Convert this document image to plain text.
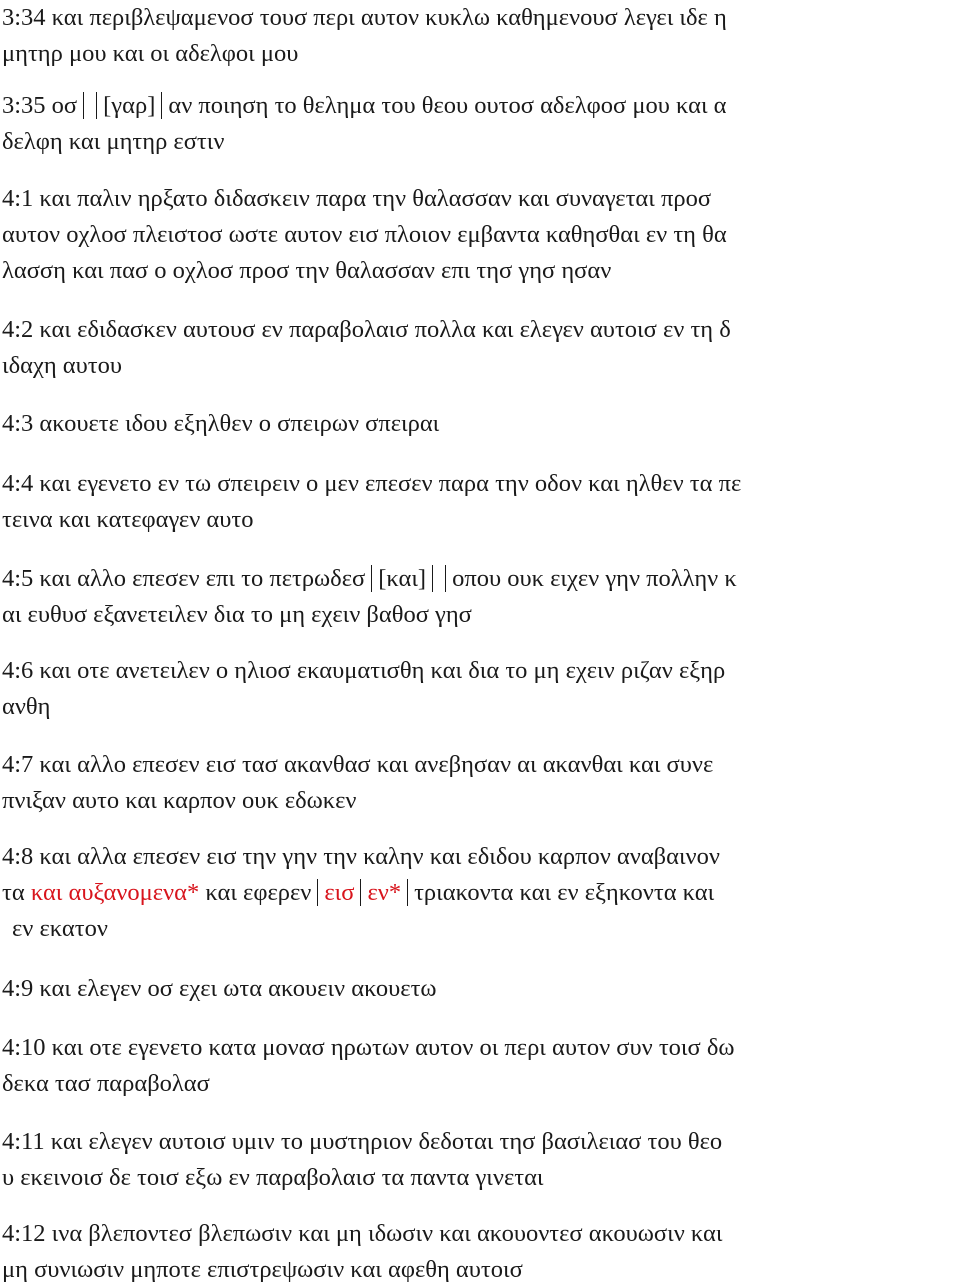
3:34 και περιβλεψαμενοσ τουσ περι αυτον κυκλω καθημενουσ λεγει ιδε η
μητηρ μου και οι αδελφοι μου
3:35 οσ [γαρ] αν ποιηση το θελημα του θεου ουτοσ αδελφοσ μου και α
δελφη και μητηρ εστιν
4:1 και παλιν ηρξατο διδασκειν παρα την θαλασσαν και συναγεται προσ
αυτον οχλοσ πλειστοσ ωστε αυτον εισ πλοιον εμβαντα καθησθαι εν τη θα
λασση και πασ ο οχλοσ προσ την θαλασσαν επι τησ γησ ησαν
4:2 και εδιδασκεν αυτουσ εν παραβολαισ πολλα και ελεγεν αυτοισ εν τη δ
ιδαχη αυτου
4:3 ακουετε ιδου εξηλθεν ο σπειρων σπειραι
4:4 και εγενετο εν τω σπειρειν ο μεν επεσεν παρα την οδον και ηλθεν τα πε
τεινα και κατεφαγεν αυτο
4:5 και αλλο επεσεν επι το πετρωδεσ [και] οπου ουκ ειχεν γην πολλην κ
αι ευθυσ εξανετειλεν δια το μη εχειν βαθοσ γησ
4:6 και οτε ανετειλεν ο ηλιοσ εκαυματισθη και δια το μη εχειν ριζαν εξηρ
ανθη
4:7 και αλλο επεσεν εισ τασ ακανθασ και ανεβησαν αι ακανθαι και συνε
πνιξαν αυτο και καρπον ουκ εδωκεν
4:8 και αλλα επεσεν εισ την γην την καλην και εδιδου καρπον αναβαινον
τα και αυξανομενα* και εφερεν εισ εν* τριακοντα και εν εξηκοντα και
εν εκατον
4:9 και ελεγεν οσ εχει ωτα ακουειν ακουετω
4:10 και οτε εγενετο κατα μονασ ηρωτων αυτον οι περι αυτον συν τοισ δω
δεκα τασ παραβολασ
4:11 και ελεγεν αυτοισ υμιν το μυστηριον δεδοται τησ βασιλειασ του θεο
υ εκεινοισ δε τοισ εξω εν παραβολαισ τα παντα γινεται
4:12 ινα βλεποντεσ βλεπωσιν και μη ιδωσιν και ακουοντεσ ακουωσιν και
μη συνιωσιν μηποτε επιστρεψωσιν και αφεθη αυτοισ
